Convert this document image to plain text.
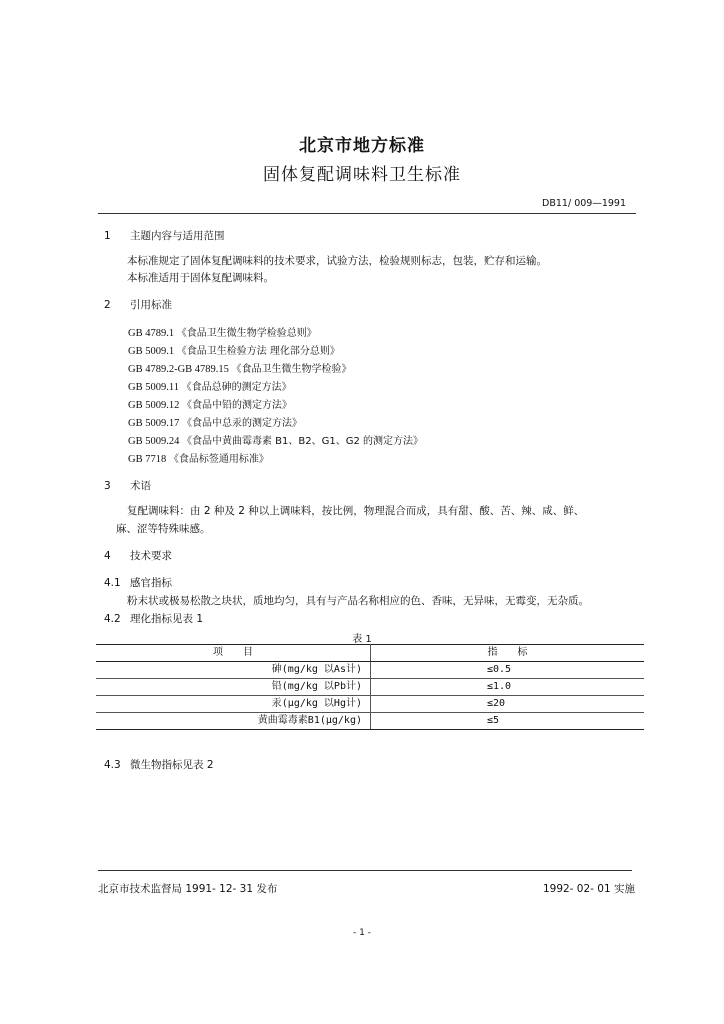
北京市地方标准
固体复配调味料卫生标准
DB11/ 009—1991
1 主题内容与适用范围
本标准规定了固体复配调味料的技术要求，试验方法，检验规则标志，包装，贮存和运输。
本标准适用于固体复配调味料。
2 引用标准
GB 4789.1 《食品卫生微生物学检验总则》
GB 5009.1 《食品卫生检验方法 理化部分总则》
GB 4789.2-GB 4789.15 《食品卫生微生物学检验》
GB 5009.11 《食品总砷的测定方法》
GB 5009.12 《食品中铅的测定方法》
GB 5009.17 《食品中总汞的测定方法》
GB 5009.24 《食品中黄曲霉毒素 B1、B2、G1、G2 的测定方法》
GB 7718 《食品标签通用标准》
3 术语
复配调味料：由 2 种及 2 种以上调味料，按比例，物理混合而成，具有甜、酸、苦、辣、咸、鲜、
麻、涩等特殊味感。
4 技术要求
4.1 感官指标
粉末状或极易松散之块状，质地均匀，具有与产品名称相应的色、香味，无异味，无霉变，无杂质。
4.2 理化指标见表 1
表 1
项　　目	指　　标
砷(mg/kg 以As计)	≤0.5
铅(mg/kg 以Pb计)	≤1.0
汞(μg/kg 以Hg计)	≤20
黄曲霉毒素B1(μg/kg)	≤5
4.3 微生物指标见表 2
北京市技术监督局 1991- 12- 31 发布	1992- 02- 01 实施
- 1 -
